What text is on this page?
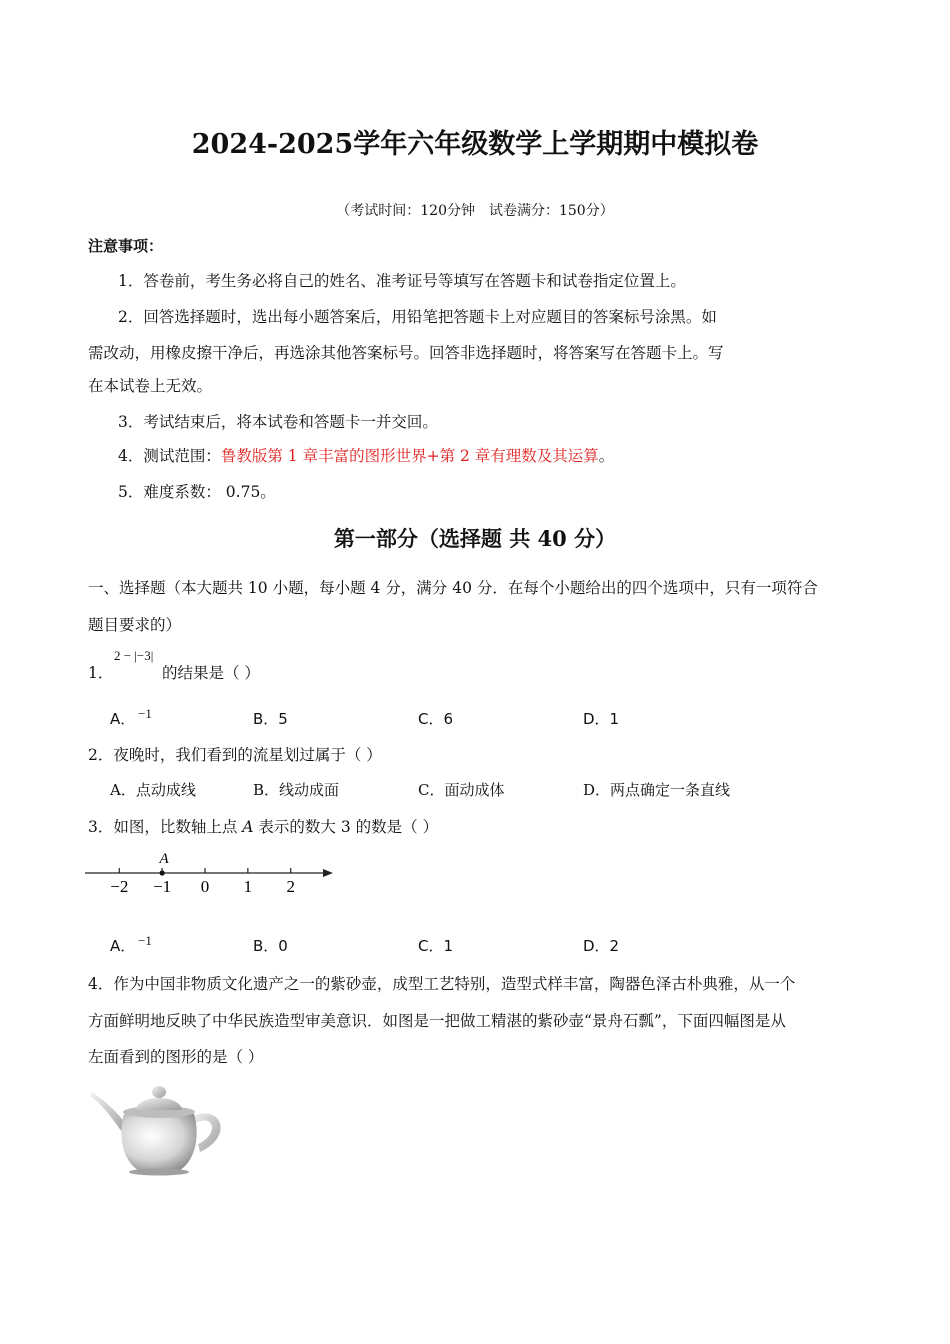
2024-2025学年六年级数学上学期期中模拟卷
（考试时间：120分钟　试卷满分：150分）
注意事项：
1．答卷前，考生务必将自己的姓名、准考证号等填写在答题卡和试卷指定位置上。
2．回答选择题时，选出每小题答案后，用铅笔把答题卡上对应题目的答案标号涂黑。如
需改动，用橡皮擦干净后，再选涂其他答案标号。回答非选择题时，将答案写在答题卡上。写
在本试卷上无效。
3．考试结束后，将本试卷和答题卡一并交回。
4．测试范围：鲁教版第 1 章丰富的图形世界+第 2 章有理数及其运算。
5．难度系数： 0.75。
第一部分（选择题 共 40 分）
一、选择题（本大题共 10 小题，每小题 4 分，满分 40 分．在每个小题给出的四个选项中，只有一项符合
题目要求的）
1．
2 − |−3|
的结果是（ ）
A． −1	B．5	C．6	D．1
2．夜晚时，我们看到的流星划过属于（ ）
A．点动成线	B．线动成面	C．面动成体	D．两点确定一条直线
3．如图，比数轴上点 A 表示的数大 3 的数是（ ）
−2 −1 0 1 2
A
A． −1	B．0	C．1	D．2
4．作为中国非物质文化遗产之一的紫砂壶，成型工艺特别，造型式样丰富，陶器色泽古朴典雅，从一个
方面鲜明地反映了中华民族造型审美意识．如图是一把做工精湛的紫砂壶“景舟石瓢”，下面四幅图是从
左面看到的图形的是（ ）
